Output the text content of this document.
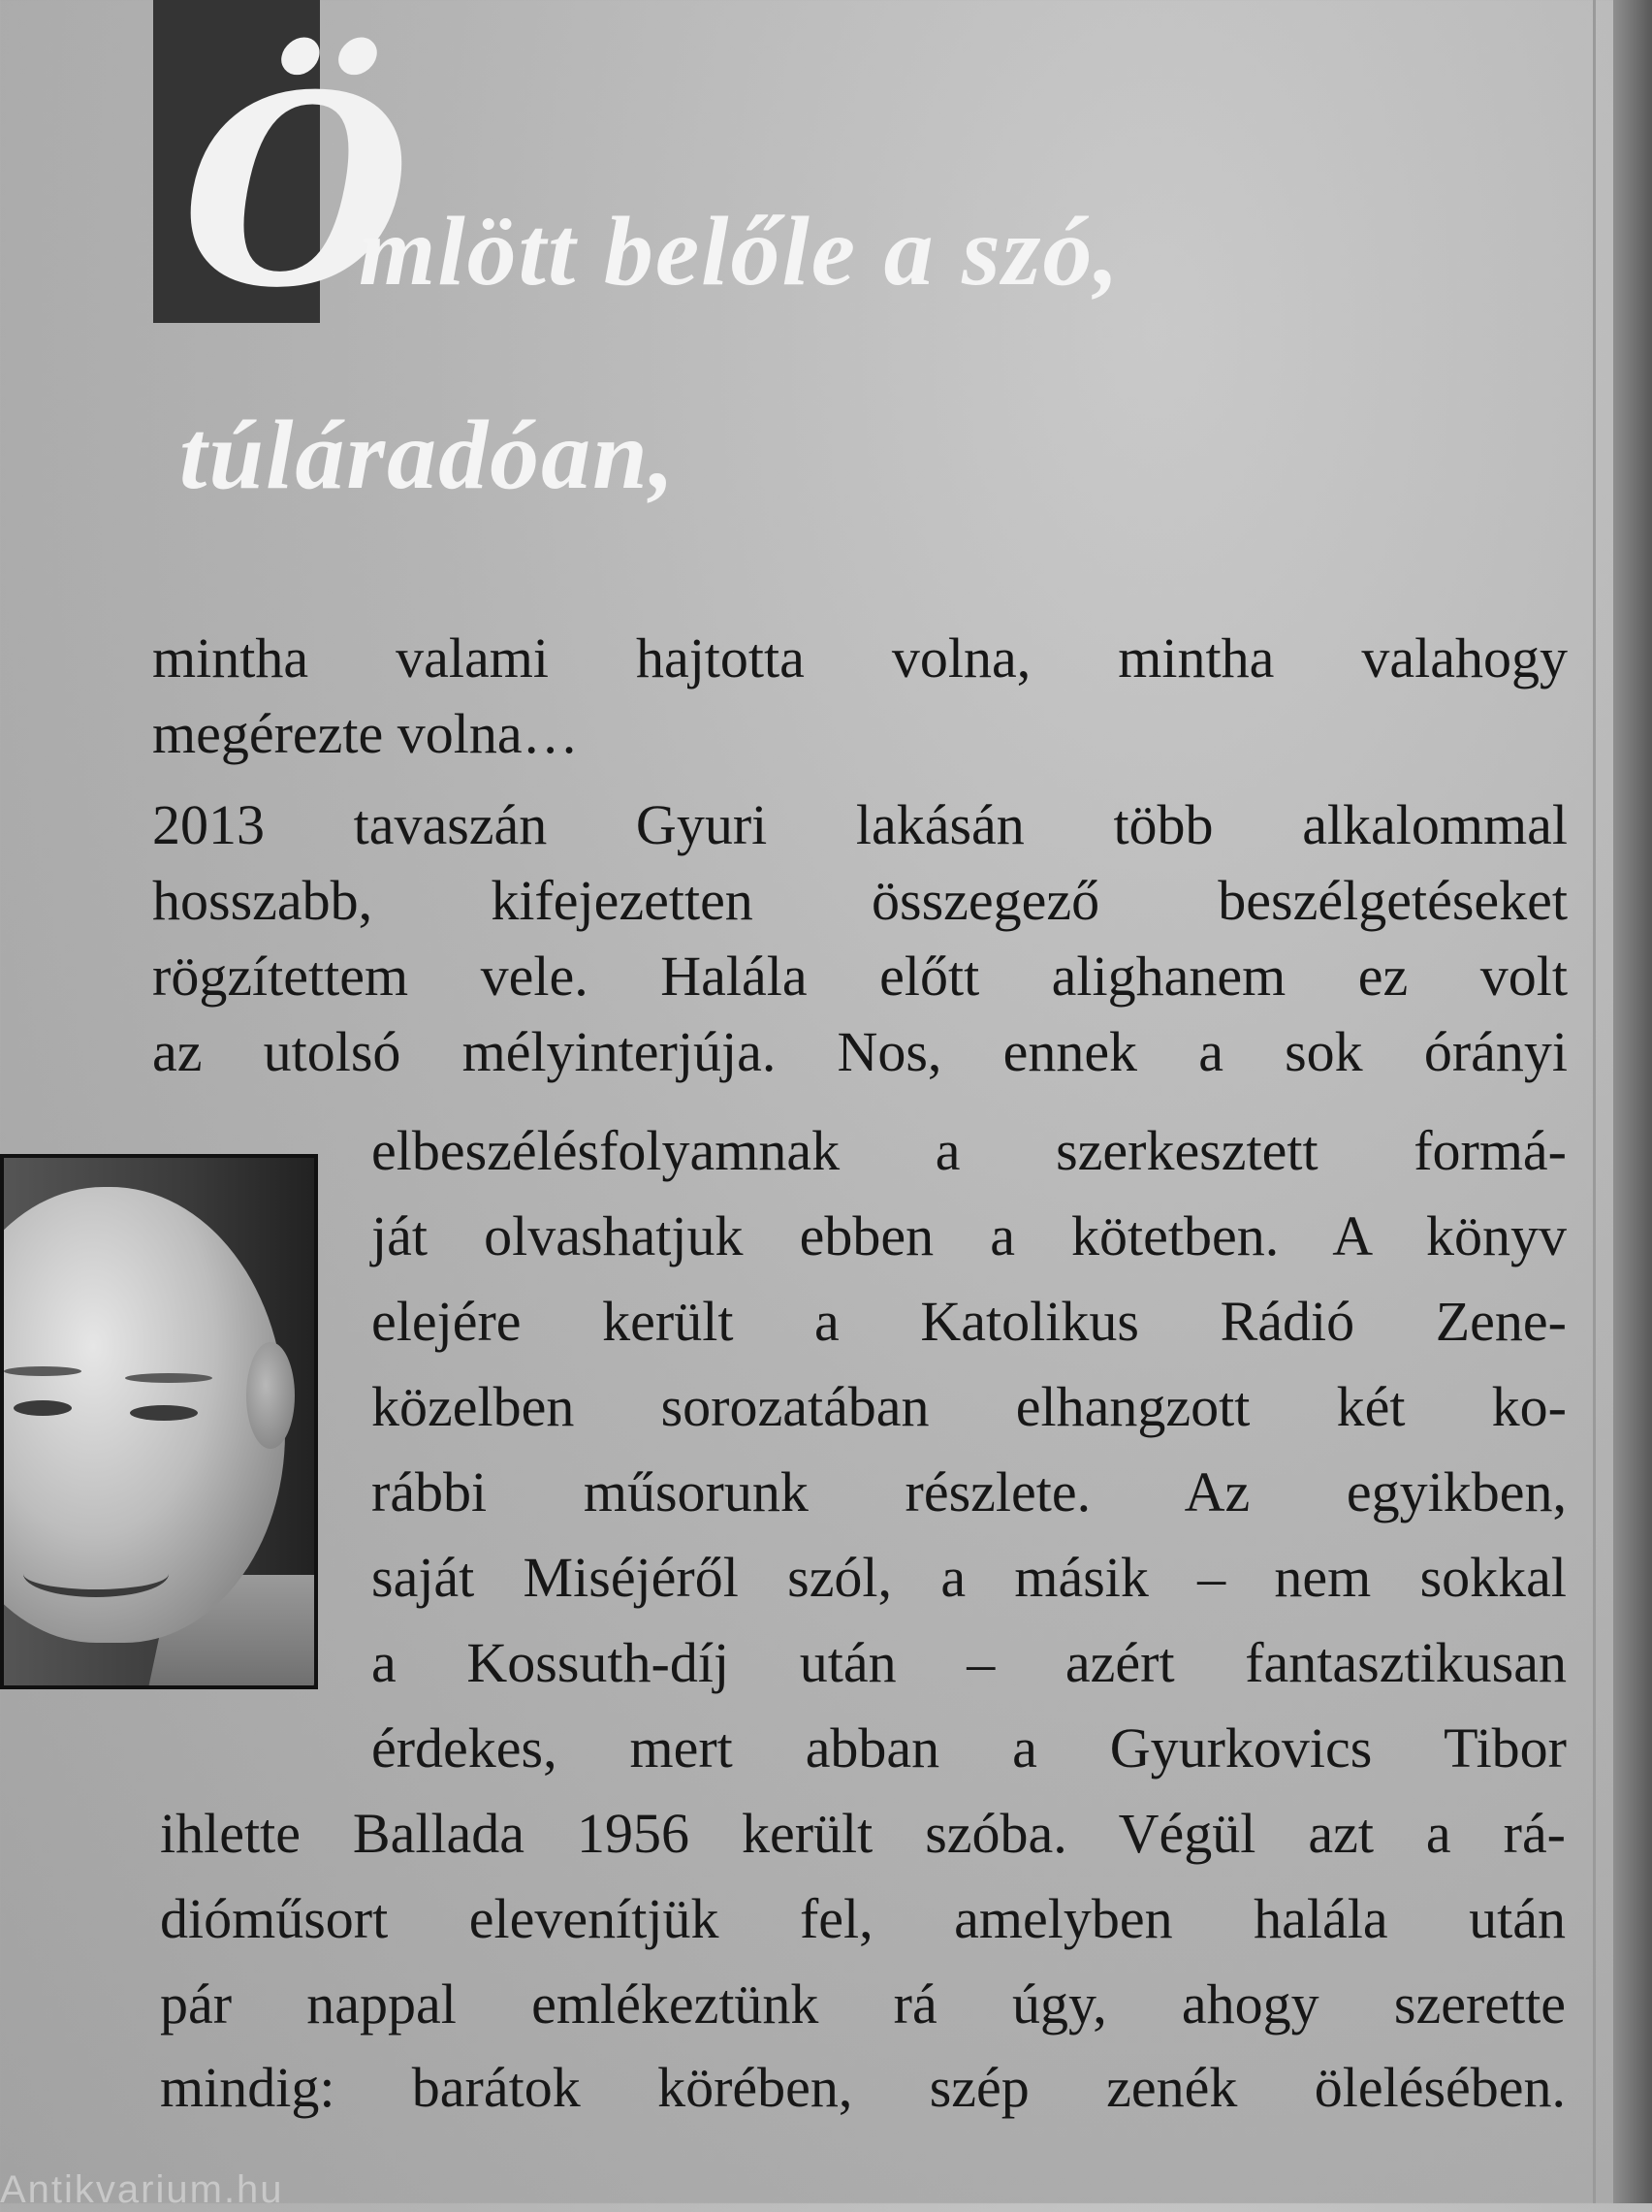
Ö
mlött belőle a szó,
túláradóan,
mintha valami hajtotta volna, mintha valahogy
megérezte volna…
2013 tavaszán Gyuri lakásán több alkalommal
hosszabb, kifejezetten összegező beszélgetéseket
rögzítettem vele. Halála előtt alighanem ez volt
az utolsó mélyinterjúja. Nos, ennek a sok órányi
elbeszélésfolyamnak a szerkesztett formá-
ját olvashatjuk ebben a kötetben. A könyv
elejére került a Katolikus Rádió Zene-
közelben sorozatában elhangzott két ko-
rábbi műsorunk részlete. Az egyikben,
saját Miséjéről szól, a másik – nem sokkal
a Kossuth-díj után – azért fantasztikusan
érdekes, mert abban a Gyurkovics Tibor
ihlette Ballada 1956 került szóba. Végül azt a rá-
dióműsort elevenítjük fel, amelyben halála után
pár nappal emlékeztünk rá úgy, ahogy szerette
mindig: barátok körében, szép zenék ölelésében.
Antikvarium.hu
